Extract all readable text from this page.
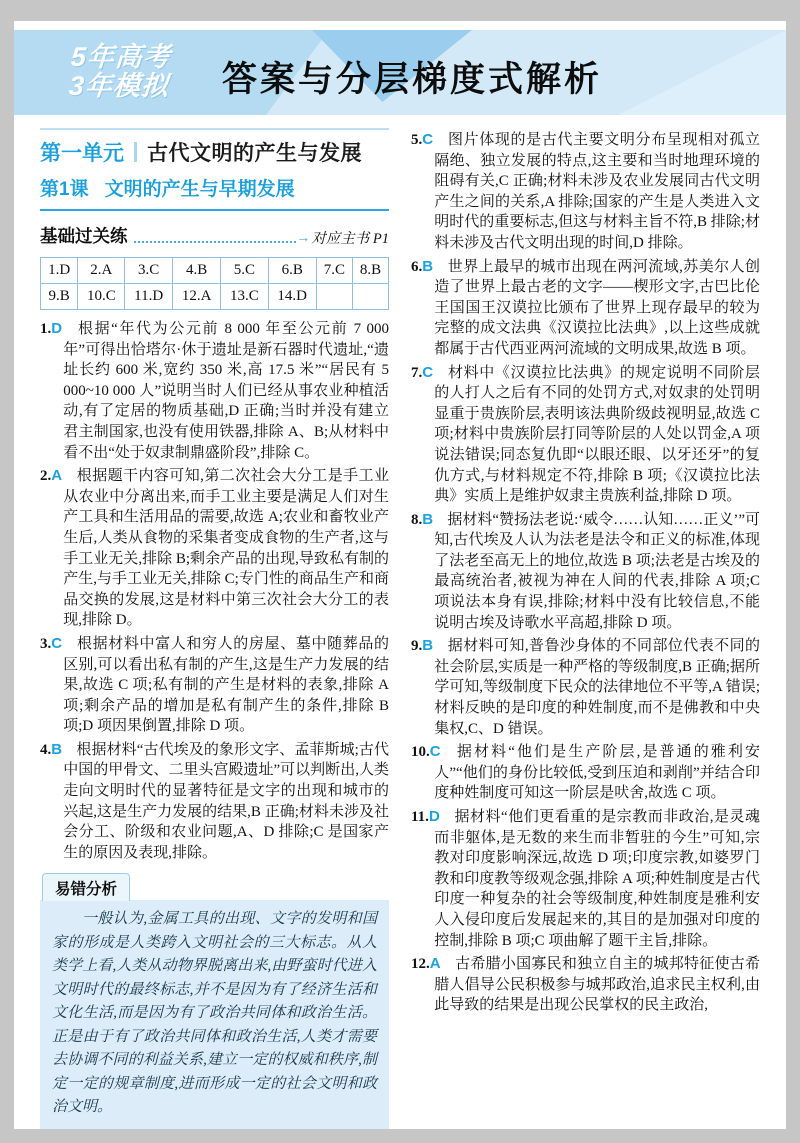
5年高考
3年模拟 答案与分层梯度式解析
第一单元 古代文明的产生与发展
第1课 文明的产生与早期发展
基础过关练	→ 对应主书 P1
1.D	2.A	3.C	4.B	5.C	6.B	7.C	8.B
9.B	10.C	11.D	12.A	13.C	14.D		

1.D 根据“年代为公元前 8 000 年至公元前 7 000 年”可得出恰塔尔·休于遗址是新石器时代遗址,“遗址长约 600 米,宽约 350 米,高 17.5 米”“居民有 5 000~10 000 人”说明当时人们已经从事农业种植活动,有了定居的物质基础,D 正确;当时并没有建立君主制国家,也没有使用铁器,排除 A、B;从材料中看不出“处于奴隶制鼎盛阶段”,排除 C。

2.A 根据题干内容可知,第二次社会大分工是手工业从农业中分离出来,而手工业主要是满足人们对生产工具和生活用品的需要,故选 A;农业和畜牧业产生后,人类从食物的采集者变成食物的生产者,这与手工业无关,排除 B;剩余产品的出现,导致私有制的产生,与手工业无关,排除 C;专门性的商品生产和商品交换的发展,这是材料中第三次社会大分工的表现,排除 D。

3.C 根据材料中富人和穷人的房屋、墓中随葬品的区别,可以看出私有制的产生,这是生产力发展的结果,故选 C 项;私有制的产生是材料的表象,排除 A 项;剩余产品的增加是私有制产生的条件,排除 B 项;D 项因果倒置,排除 D 项。

4.B 根据材料“古代埃及的象形文字、孟菲斯城;古代中国的甲骨文、二里头宫殿遗址”可以判断出,人类走向文明时代的显著特征是文字的出现和城市的兴起,这是生产力发展的结果,B 正确;材料未涉及社会分工、阶级和农业问题,A、D 排除;C 是国家产生的原因及表现,排除。

易错分析

一般认为,金属工具的出现、文字的发明和国家的形成是人类跨入文明社会的三大标志。从人类学上看,人类从动物界脱离出来,由野蛮时代进入文明时代的最终标志,并不是因为有了经济生活和文化生活,而是因为有了政治共同体和政治生活。正是由于有了政治共同体和政治生活,人类才需要去协调不同的利益关系,建立一定的权威和秩序,制定一定的规章制度,进而形成一定的社会文明和政治文明。

5.C 图片体现的是古代主要文明分布呈现相对孤立隔绝、独立发展的特点,这主要和当时地理环境的阻碍有关,C 正确;材料未涉及农业发展同古代文明产生之间的关系,A 排除;国家的产生是人类进入文明时代的重要标志,但这与材料主旨不符,B 排除;材料未涉及古代文明出现的时间,D 排除。

6.B 世界上最早的城市出现在两河流域,苏美尔人创造了世界上最古老的文字——楔形文字,古巴比伦王国国王汉谟拉比颁布了世界上现存最早的较为完整的成文法典《汉谟拉比法典》,以上这些成就都属于古代西亚两河流域的文明成果,故选 B 项。

7.C 材料中《汉谟拉比法典》的规定说明不同阶层的人打人之后有不同的处罚方式,对奴隶的处罚明显重于贵族阶层,表明该法典阶级歧视明显,故选 C 项;材料中贵族阶层打同等阶层的人处以罚金,A 项说法错误;同态复仇即“以眼还眼、以牙还牙”的复仇方式,与材料规定不符,排除 B 项;《汉谟拉比法典》实质上是维护奴隶主贵族利益,排除 D 项。

8.B 据材料“赞扬法老说:‘威令……认知……正义’”可知,古代埃及人认为法老是法令和正义的标准,体现了法老至高无上的地位,故选 B 项;法老是古埃及的最高统治者,被视为神在人间的代表,排除 A 项;C 项说法本身有误,排除;材料中没有比较信息,不能说明古埃及诗歌水平高超,排除 D 项。

9.B 据材料可知,普鲁沙身体的不同部位代表不同的社会阶层,实质是一种严格的等级制度,B 正确;据所学可知,等级制度下民众的法律地位不平等,A 错误;材料反映的是印度的种姓制度,而不是佛教和中央集权,C、D 错误。

10.C 据材料“他们是生产阶层,是普通的雅利安人”“他们的身份比较低,受到压迫和剥削”并结合印度种姓制度可知这一阶层是吠舍,故选 C 项。

11.D 据材料“他们更看重的是宗教而非政治,是灵魂而非躯体,是无数的来生而非暂驻的今生”可知,宗教对印度影响深远,故选 D 项;印度宗教,如婆罗门教和印度教等级观念强,排除 A 项;种姓制度是古代印度一种复杂的社会等级制度,种姓制度是雅利安人入侵印度后发展起来的,其目的是加强对印度的控制,排除 B 项;C 项曲解了题干主旨,排除。

12.A 古希腊小国寡民和独立自主的城邦特征使古希腊人倡导公民积极参与城邦政治,追求民主权利,由此导致的结果是出现公民掌权的民主政治,
